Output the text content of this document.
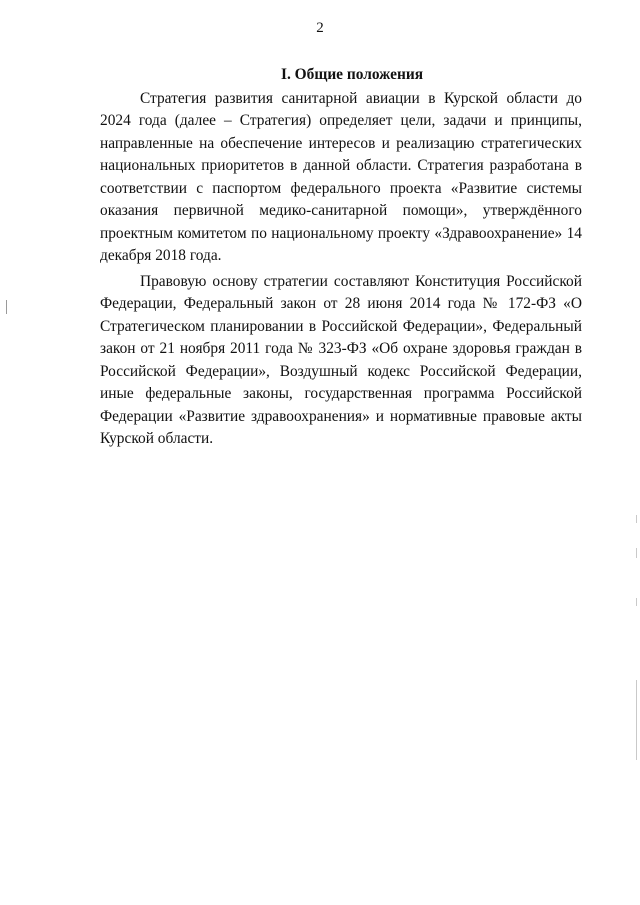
2
I. Общие положения

Стратегия развития санитарной авиации в Курской области до 2024 года (далее – Стратегия) определяет цели, задачи и принципы, направленные на обеспечение интересов и реализацию стратегических национальных приоритетов в данной области. Стратегия разработана в соответствии с паспортом федерального проекта «Развитие системы оказания первичной медико-санитарной помощи», утверждённого проектным комитетом по национальному проекту «Здравоохранение» 14 декабря 2018 года.

Правовую основу стратегии составляют Конституция Российской Федерации, Федеральный закон от 28 июня 2014 года № 172-ФЗ «О Стратегическом планировании в Российской Федерации», Федеральный закон от 21 ноября 2011 года № 323-ФЗ «Об охране здоровья граждан в Российской Федерации», Воздушный кодекс Российской Федерации, иные федеральные законы, государственная программа Российской Федерации «Развитие здравоохранения» и нормативные правовые акты Курской области.
